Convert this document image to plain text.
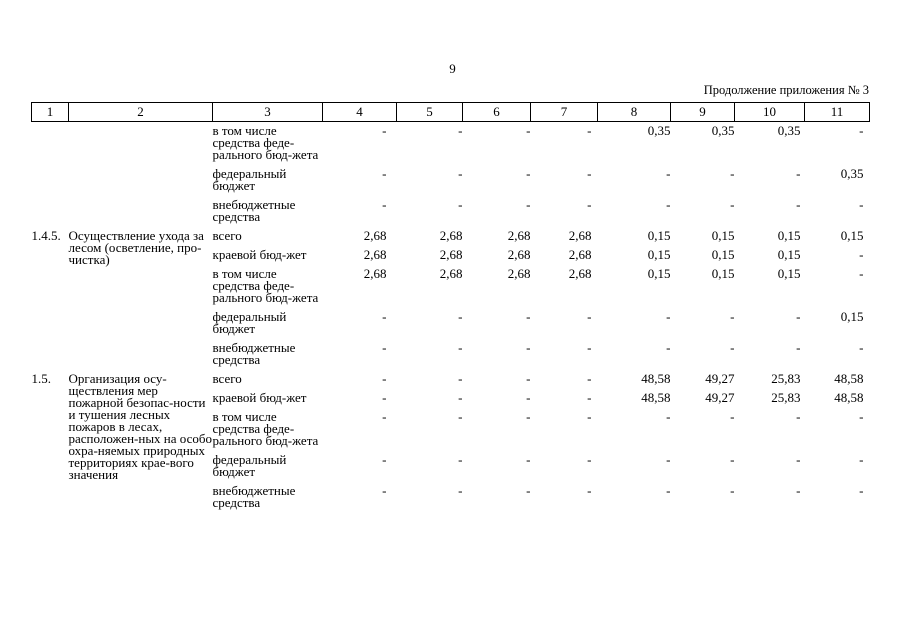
9
Продолжение приложения № 3
1	2	3	4	5	6	7	8	9	10	11
		в том числе средства феде-рального бюд-жета	-	-	-	-	0,35	0,35	0,35	-
		федеральный бюджет	-	-	-	-	-	-	-	0,35
		внебюджетные средства	-	-	-	-	-	-	-	-
1.4.5.	Осуществление ухода за лесом (осветление, про-чистка)	всего	2,68	2,68	2,68	2,68	0,15	0,15	0,15	0,15
		краевой бюд-жет	2,68	2,68	2,68	2,68	0,15	0,15	0,15	-
		в том числе средства феде-рального бюд-жета	2,68	2,68	2,68	2,68	0,15	0,15	0,15	-
		федеральный бюджет	-	-	-	-	-	-	-	0,15
		внебюджетные средства	-	-	-	-	-	-	-	-
1.5.	Организация осу-ществления мер пожарной безопас-ности и тушения лесных пожаров в лесах, расположен-ных на особо охра-няемых природных территориях крае-вого значения	всего	-	-	-	-	48,58	49,27	25,83	48,58
		краевой бюд-жет	-	-	-	-	48,58	49,27	25,83	48,58
		в том числе средства феде-рального бюд-жета	-	-	-	-	-	-	-	-
		федеральный бюджет	-	-	-	-	-	-	-	-
		внебюджетные средства	-	-	-	-	-	-	-	-
